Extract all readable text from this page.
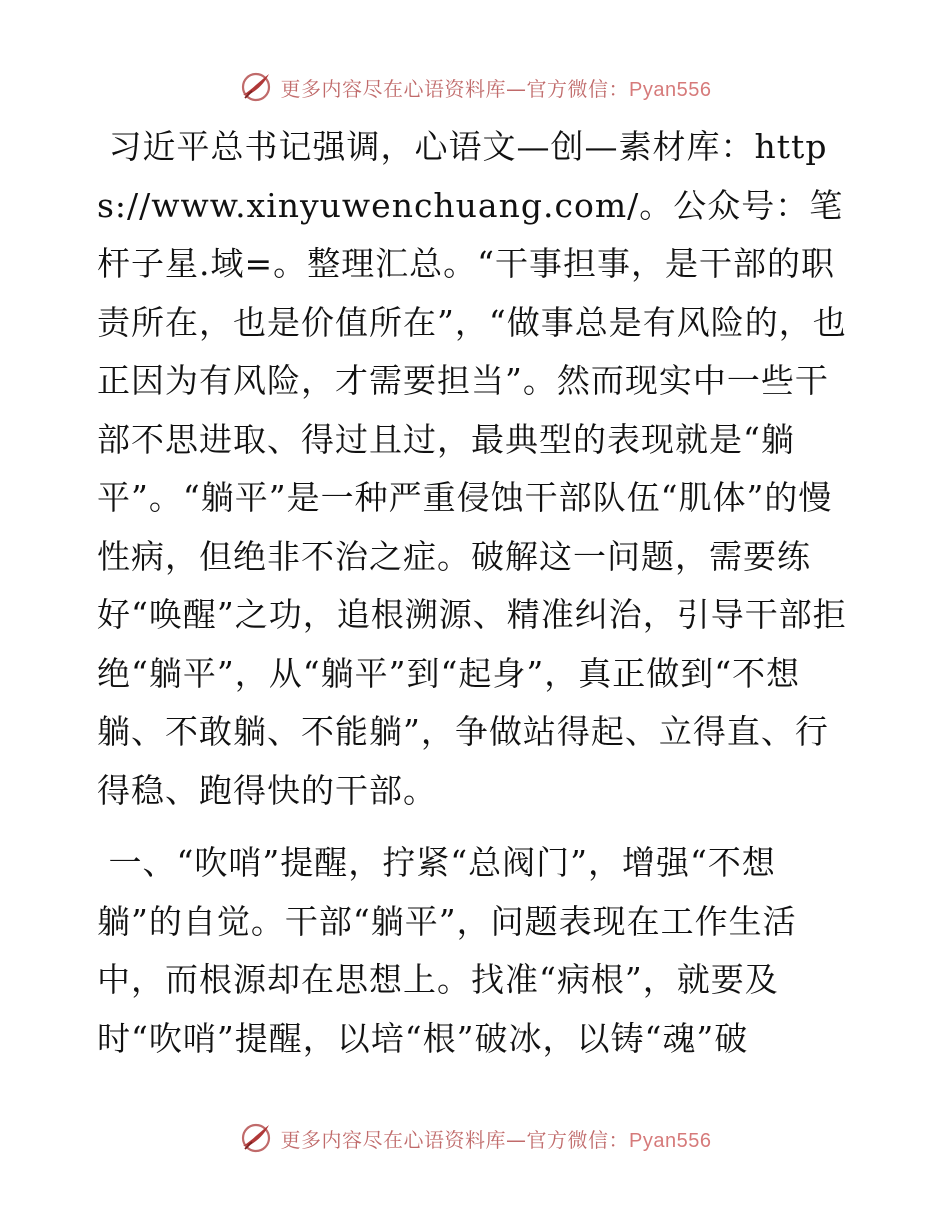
更多内容尽在心语资料库—官方微信：Pyan556

习近平总书记强调，心语文—创—素材库：https://www.xinyuwenchuang.com/。公众号：笔杆子星.域=。整理汇总。“干事担事，是干部的职责所在，也是价值所在”，“做事总是有风险的，也正因为有风险，才需要担当”。然而现实中一些干部不思进取、得过且过，最典型的表现就是“躺平”。“躺平”是一种严重侵蚀干部队伍“肌体”的慢性病，但绝非不治之症。破解这一问题，需要练好“唤醒”之功，追根溯源、精准纠治，引导干部拒绝“躺平”，从“躺平”到“起身”，真正做到“不想躺、不敢躺、不能躺”，争做站得起、立得直、行得稳、跑得快的干部。

一、“吹哨”提醒，拧紧“总阀门”，增强“不想躺”的自觉。干部“躺平”，问题表现在工作生活中，而根源却在思想上。找准“病根”，就要及时“吹哨”提醒，以培“根”破冰，以铸“魂”破

更多内容尽在心语资料库—官方微信：Pyan556
